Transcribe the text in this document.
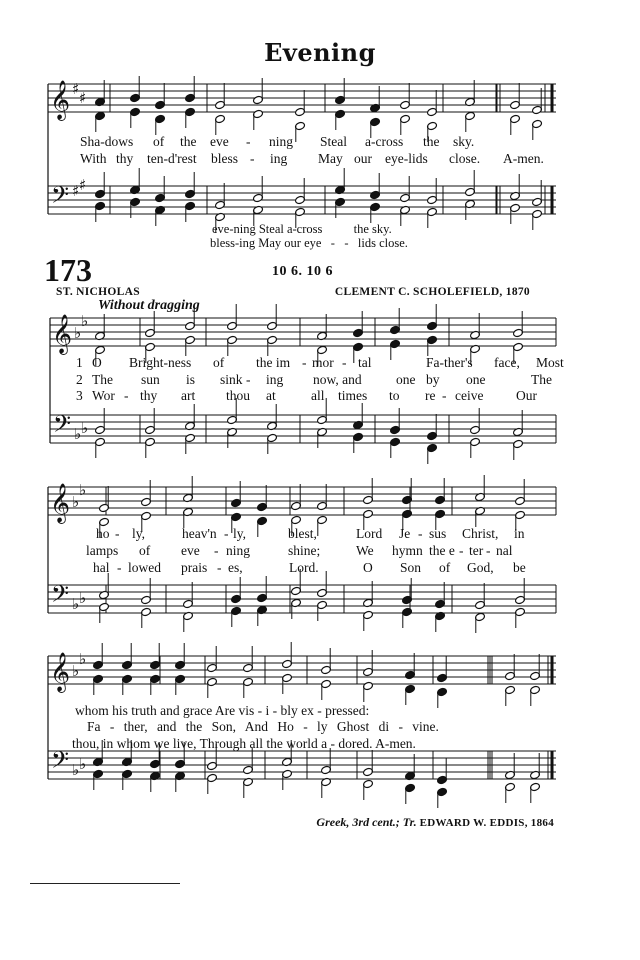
Evening
𝄞
𝄢
♯
♯
♯
♯
𝄞
𝄢
♭
♭
♭
♭
𝄞
𝄢
♭
♭
♭
♭
𝄞
𝄢
♭
♭
♭
♭
Sha-dows of the eve - ning Steal a-cross the sky.
With thy ten-d'rest bless - ing May our eye-lids close. A-men.
eve-ning Steal a-cross          the sky.
bless-ing May our eye   -   -   lids close.
173	10 6. 10 6
ST. NICHOLAS	CLEMENT C. SCHOLEFIELD, 1870
Without dragging
1 O Bright-ness of the im - mor - tal	Fa-ther's face, Most
2 The sun is sink - ing now, and	one by one	The
3 Wor - thy art thou at	all times to re - ceive Our
ho - ly,	heav'n - ly,	blest,	Lord Je - sus Christ, in
lamps of eve - ning	shine;	We hymn the e - ter - nal
hal - lowed prais - es,	Lord.	O Son of God, be
whom his truth and grace Are vis - i - bly ex - pressed:
Fa - ther, and the Son, And Ho - ly Ghost di - vine.
thou, in whom we live, Through all the world a - dored. A-men.
Greek, 3rd cent.; Tr. EDWARD W. EDDIS, 1864
